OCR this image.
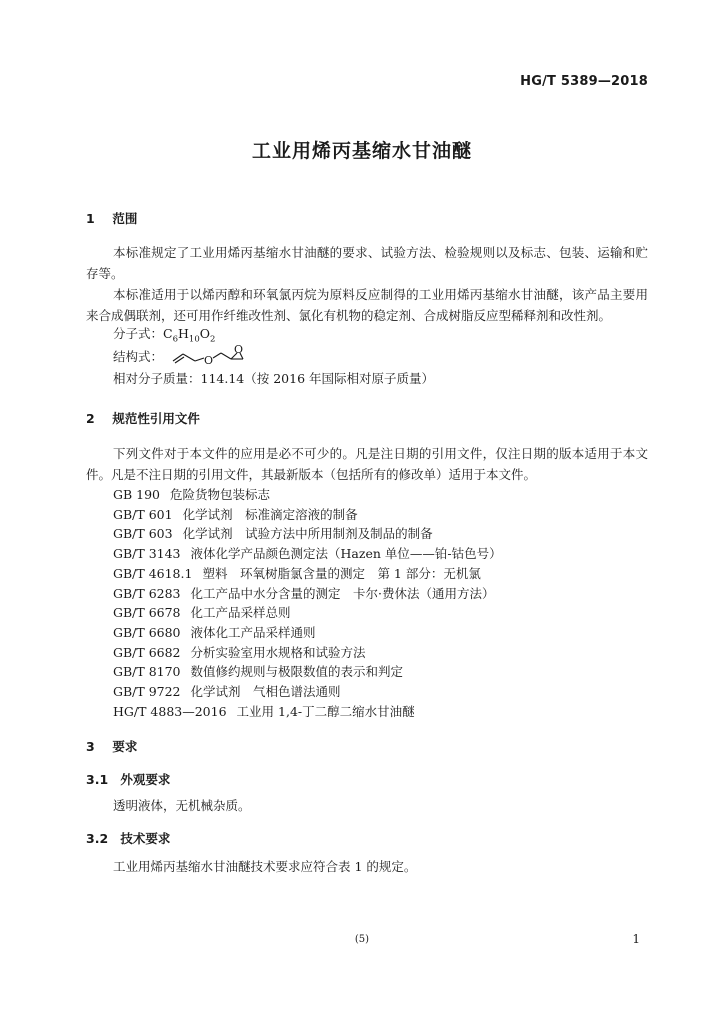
HG/T 5389—2018
工业用烯丙基缩水甘油醚
1 范围
本标准规定了工业用烯丙基缩水甘油醚的要求、试验方法、检验规则以及标志、包装、运输和贮存等。
本标准适用于以烯丙醇和环氧氯丙烷为原料反应制得的工业用烯丙基缩水甘油醚，该产品主要用来合成偶联剂，还可用作纤维改性剂、氯化有机物的稳定剂、合成树脂反应型稀释剂和改性剂。
分子式：$C_6H_{10}O_2$
结构式：	O
O
相对分子质量：114.14（按 2016 年国际相对原子质量）
2 规范性引用文件
下列文件对于本文件的应用是必不可少的。凡是注日期的引用文件，仅注日期的版本适用于本文件。凡是不注日期的引用文件，其最新版本（包括所有的修改单）适用于本文件。
GB 190 危险货物包装标志
GB/T 601 化学试剂　标准滴定溶液的制备
GB/T 603 化学试剂　试验方法中所用制剂及制品的制备
GB/T 3143 液体化学产品颜色测定法（Hazen 单位——铂-钴色号）
GB/T 4618.1 塑料　环氧树脂氯含量的测定　第 1 部分：无机氯
GB/T 6283 化工产品中水分含量的测定　卡尔·费休法（通用方法）
GB/T 6678 化工产品采样总则
GB/T 6680 液体化工产品采样通则
GB/T 6682 分析实验室用水规格和试验方法
GB/T 8170 数值修约规则与极限数值的表示和判定
GB/T 9722 化学试剂　气相色谱法通则
HG/T 4883—2016 工业用 1,4-丁二醇二缩水甘油醚
3 要求
3.1 外观要求
透明液体，无机械杂质。
3.2 技术要求
工业用烯丙基缩水甘油醚技术要求应符合表 1 的规定。
(5)	1
